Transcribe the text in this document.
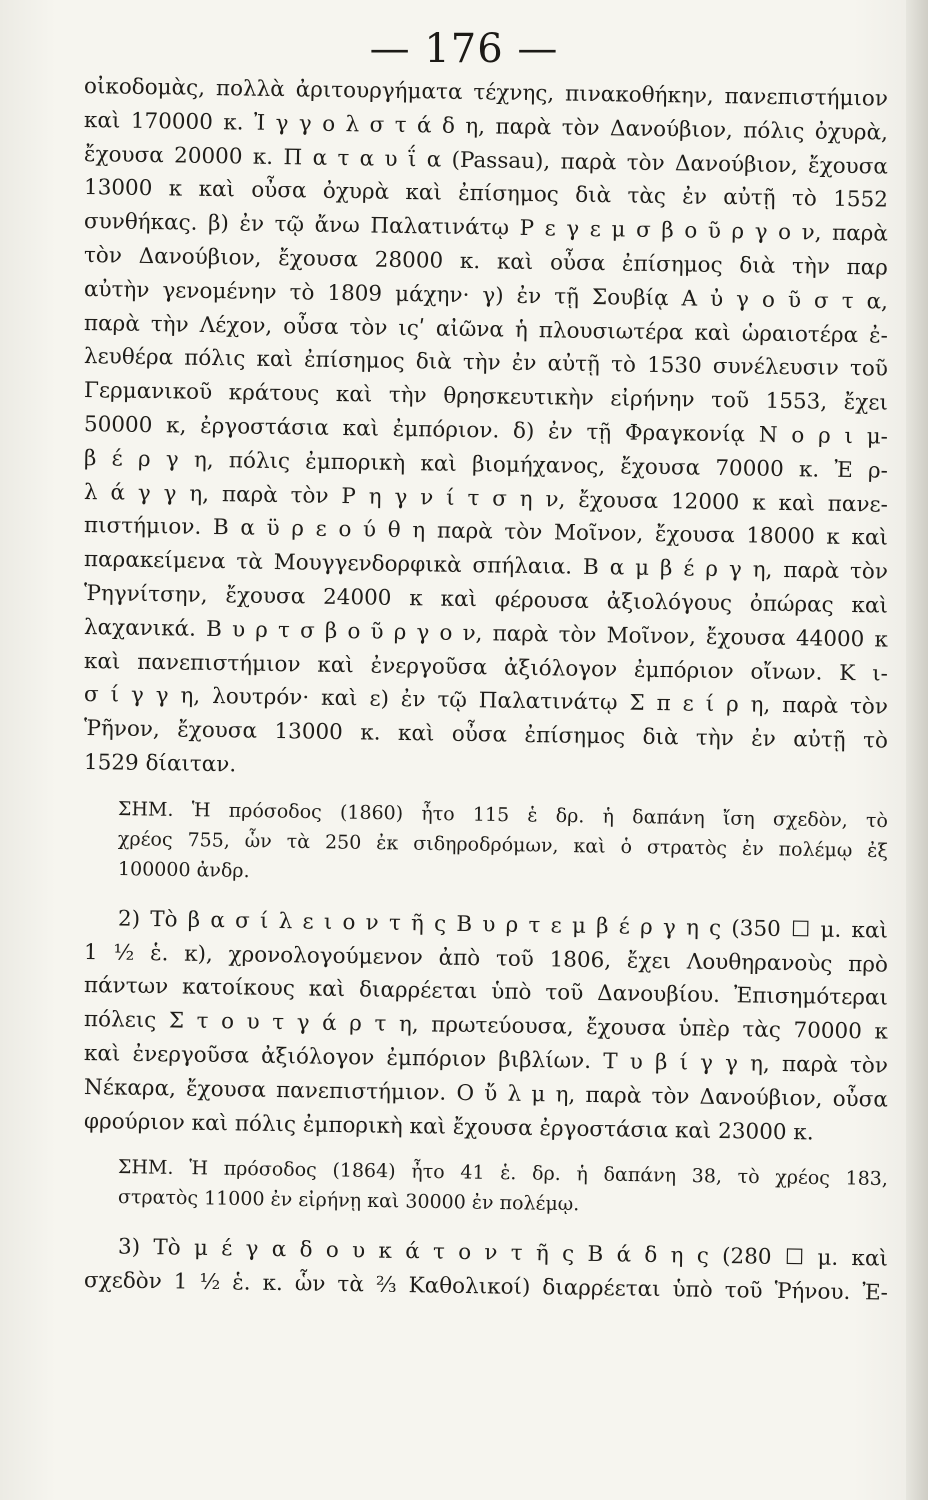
— 176 —
οἰκοδομὰς, πολλὰ ἀριτουργήματα τέχνης, πινακοθήκην, πανεπιστήμιον
καὶ 170000 κ. Ἰ γ γ ο λ σ τ ά δ η, παρὰ τὸν Δανούβιον, πόλις ὀχυρὰ,
ἔχουσα 20000 κ. Π α τ α υ ΐ α (Passau), παρὰ τὸν Δανούβιον, ἔχουσα
13000 κ καὶ οὖσα ὀχυρὰ καὶ ἐπίσημος διὰ τὰς ἐν αὐτῇ τὸ 1552
συνθήκας. β) ἐν τῷ ἄνω Παλατινάτῳ Ρ ε γ ε μ σ β ο ῦ ρ γ ο ν, παρὰ
τὸν Δανούβιον, ἔχουσα 28000 κ. καὶ οὖσα ἐπίσημος διὰ τὴν παρ
αὐτὴν γενομένην τὸ 1809 μάχην· γ) ἐν τῇ Σουβίᾳ Α ὐ γ ο ῦ σ τ α,
παρὰ τὴν Λέχον, οὖσα τὸν ιςʹ αἰῶνα ἡ πλουσιωτέρα καὶ ὡραιοτέρα ἐ-
λευθέρα πόλις καὶ ἐπίσημος διὰ τὴν ἐν αὐτῇ τὸ 1530 συνέλευσιν τοῦ
Γερμανικοῦ κράτους καὶ τὴν θρησκευτικὴν εἰρήνην τοῦ 1553, ἔχει
50000 κ, ἐργοστάσια καὶ ἐμπόριον. δ) ἐν τῇ Φραγκονίᾳ Ν ο ρ ι μ-
β έ ρ γ η, πόλις ἐμπορικὴ καὶ βιομήχανος, ἔχουσα 70000 κ. Ἐ ρ-
λ ά γ γ η, παρὰ τὸν Ρ η γ ν ί τ σ η ν, ἔχουσα 12000 κ καὶ πανε-
πιστήμιον. Β α ϋ ρ ε ο ύ θ η παρὰ τὸν Μοῖνον, ἔχουσα 18000 κ καὶ
παρακείμενα τὰ Μουγγενδορφικὰ σπήλαια. Β α μ β έ ρ γ η, παρὰ τὸν
Ῥηγνίτσην, ἔχουσα 24000 κ καὶ φέρουσα ἀξιολόγους ὀπώρας καὶ
λαχανικά. Β υ ρ τ σ β ο ῦ ρ γ ο ν, παρὰ τὸν Μοῖνον, ἔχουσα 44000 κ
καὶ πανεπιστήμιον καὶ ἐνεργοῦσα ἀξιόλογον ἐμπόριον οἴνων. Κ ι-
σ ί γ γ η, λουτρόν· καὶ ε) ἐν τῷ Παλατινάτῳ Σ π ε ί ρ η, παρὰ τὸν
Ῥῆνον, ἔχουσα 13000 κ. καὶ οὖσα ἐπίσημος διὰ τὴν ἐν αὐτῇ τὸ
1529 δίαιταν.
ΣΗΜ. Ἡ πρόσοδος (1860) ἦτο 115 ἑ δρ. ἡ δαπάνη ἴση σχεδὸν, τὸ
χρέος 755, ὧν τὰ 250 ἐκ σιδηροδρόμων, καὶ ὁ στρατὸς ἐν πολέμῳ ἐξ
100000 ἀνδρ.
2) Τὸ β α σ ί λ ε ι ο ν τ ῆ ς Β υ ρ τ ε μ β έ ρ γ η ς (350 ☐ μ. καὶ
1 ½ ἑ. κ), χρονολογούμενον ἀπὸ τοῦ 1806, ἔχει Λουθηρανοὺς πρὸ
πάντων κατοίκους καὶ διαρρέεται ὑπὸ τοῦ Δανουβίου. Ἐπισημότεραι
πόλεις Σ τ ο υ τ γ ά ρ τ η, πρωτεύουσα, ἔχουσα ὑπὲρ τὰς 70000 κ
καὶ ἐνεργοῦσα ἀξιόλογον ἐμπόριον βιβλίων. Τ υ β ί γ γ η, παρὰ τὸν
Νέκαρα, ἔχουσα πανεπιστήμιον. Ο ὔ λ μ η, παρὰ τὸν Δανούβιον, οὖσα
φρούριον καὶ πόλις ἐμπορικὴ καὶ ἔχουσα ἐργοστάσια καὶ 23000 κ.
ΣΗΜ. Ἡ πρόσοδος (1864) ἦτο 41 ἑ. δρ. ἡ δαπάνη 38, τὸ χρέος 183,
στρατὸς 11000 ἐν εἰρήνῃ καὶ 30000 ἐν πολέμῳ.
3) Τὸ μ έ γ α δ ο υ κ ά τ ο ν τ ῆ ς Β ά δ η ς (280 ☐ μ. καὶ
σχεδὸν 1 ½ ἑ. κ. ὧν τὰ ⅔ Καθολικοί) διαρρέεται ὑπὸ τοῦ Ῥήνου. Ἐ-
